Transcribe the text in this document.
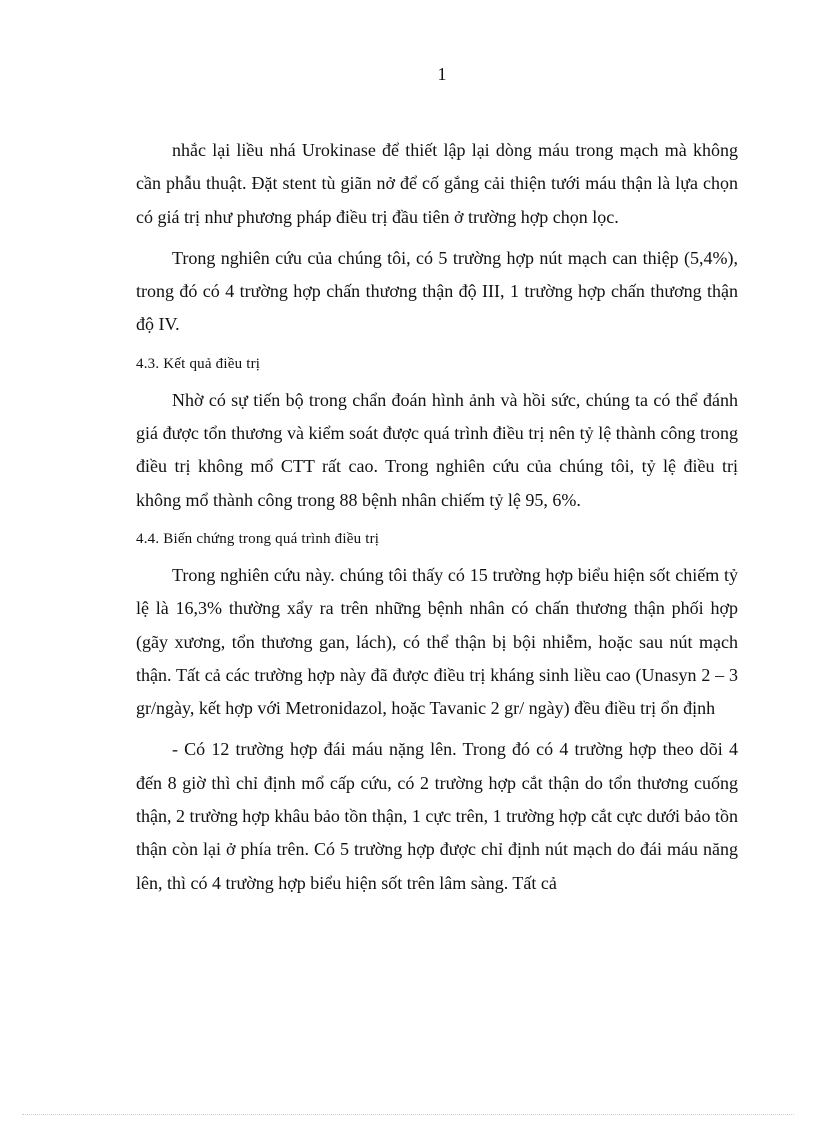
1

nhắc lại liều nhá Urokinase để thiết lập lại dòng máu trong mạch mà không cần phẫu thuật. Đặt stent tù giãn nở để cố gắng cải thiện tưới máu thận là lựa chọn có giá trị như phương pháp điều trị đầu tiên ở trường hợp chọn lọc.

Trong nghiên cứu của chúng tôi, có 5 trường hợp nút mạch can thiệp (5,4%), trong đó có 4 trường hợp chấn thương thận độ III, 1 trường hợp chấn thương thận độ IV.

4.3. Kết quả điều trị

Nhờ có sự tiến bộ trong chẩn đoán hình ảnh và hồi sức, chúng ta có thể đánh giá được tổn thương và kiểm soát được quá trình điều trị nên tỷ lệ thành công trong điều trị không mổ CTT rất cao. Trong nghiên cứu của chúng tôi, tỷ lệ điều trị không mổ thành công trong 88 bệnh nhân chiếm tỷ lệ 95, 6%.

4.4. Biến chứng trong quá trình điều trị

Trong nghiên cứu này. chúng tôi thấy có 15 trường hợp biểu hiện sốt chiếm tỷ lệ là 16,3% thường xẩy ra trên những bệnh nhân có chấn thương thận phối hợp (gãy xương, tổn thương gan, lách), có thể thận bị bội nhiễm, hoặc sau nút mạch thận. Tất cả các trường hợp này đã được điều trị kháng sinh liều cao (Unasyn 2 – 3 gr/ngày, kết hợp với Metronidazol, hoặc Tavanic 2 gr/ ngày) đều điều trị ổn định

- Có 12 trường hợp đái máu nặng lên. Trong đó có 4 trường hợp theo dõi 4 đến 8 giờ thì chỉ định mổ cấp cứu, có 2 trường hợp cắt thận do tổn thương cuống thận, 2 trường hợp khâu bảo tồn thận, 1 cực trên, 1 trường hợp cắt cực dưới bảo tồn thận còn lại ở phía trên. Có 5 trường hợp được chỉ định nút mạch do đái máu năng lên, thì có 4 trường hợp biểu hiện sốt trên lâm sàng. Tất cả
